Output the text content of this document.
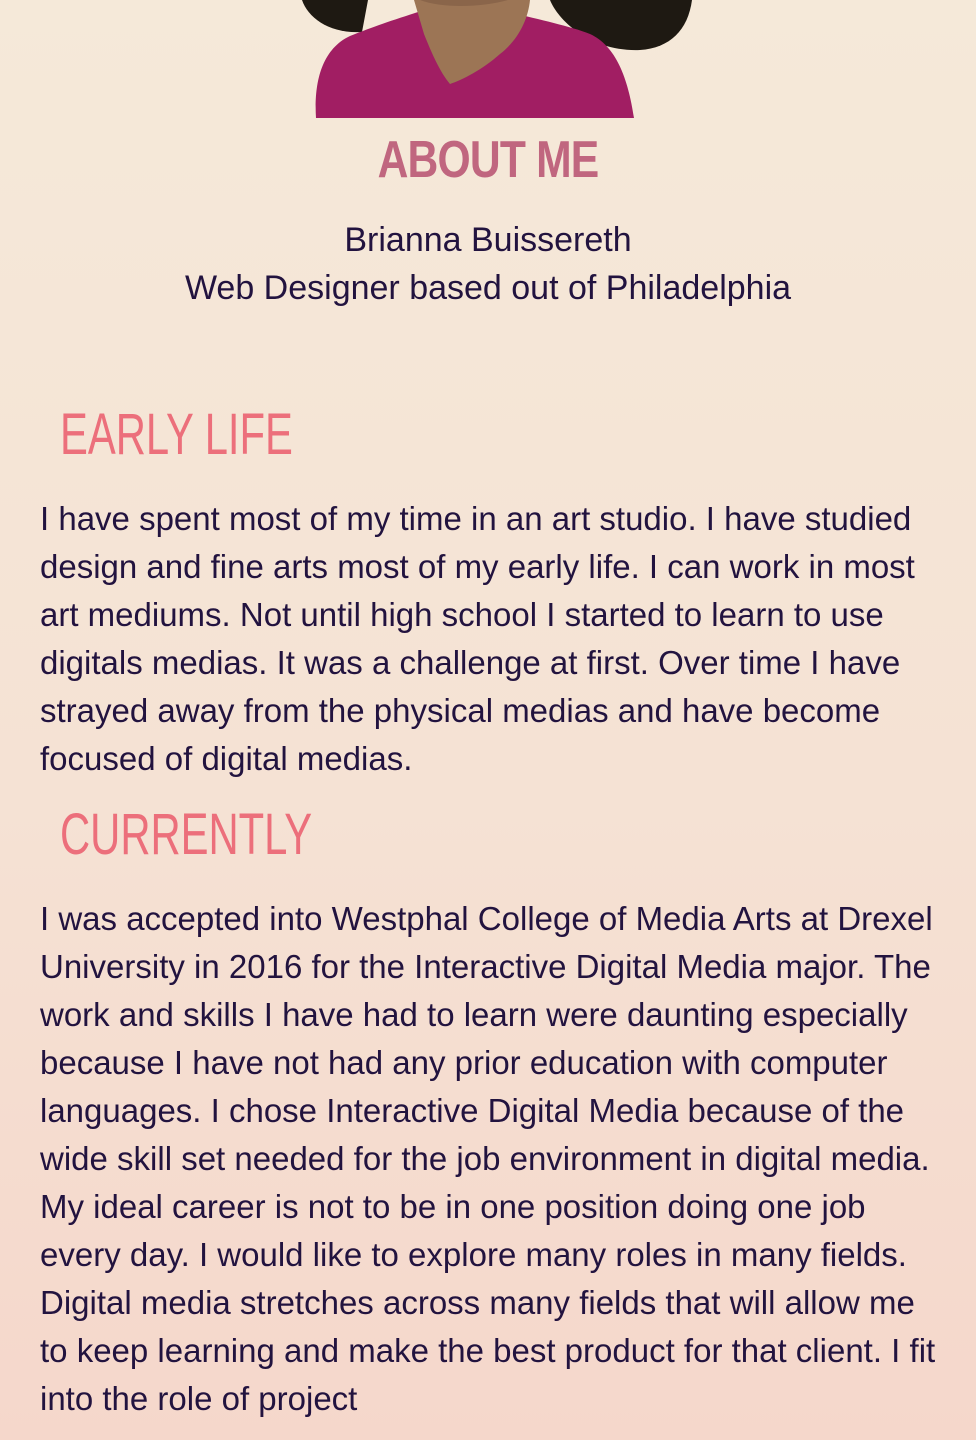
ABOUT ME
Brianna Buissereth
Web Designer based out of Philadelphia
EARLY LIFE

I have spent most of my time in an art studio. I have studied design and fine arts most of my early life. I can work in most art mediums. Not until high school I started to learn to use digitals medias. It was a challenge at first. Over time I have strayed away from the physical medias and have become focused of digital medias.

CURRENTLY

I was accepted into Westphal College of Media Arts at Drexel University in 2016 for the Interactive Digital Media major. The work and skills I have had to learn were daunting especially because I have not had any prior education with computer languages. I chose Interactive Digital Media because of the wide skill set needed for the job environment in digital media. My ideal career is not to be in one position doing one job every day. I would like to explore many roles in many fields. Digital media stretches across many fields that will allow me to keep learning and make the best product for that client. I fit into the role of project
